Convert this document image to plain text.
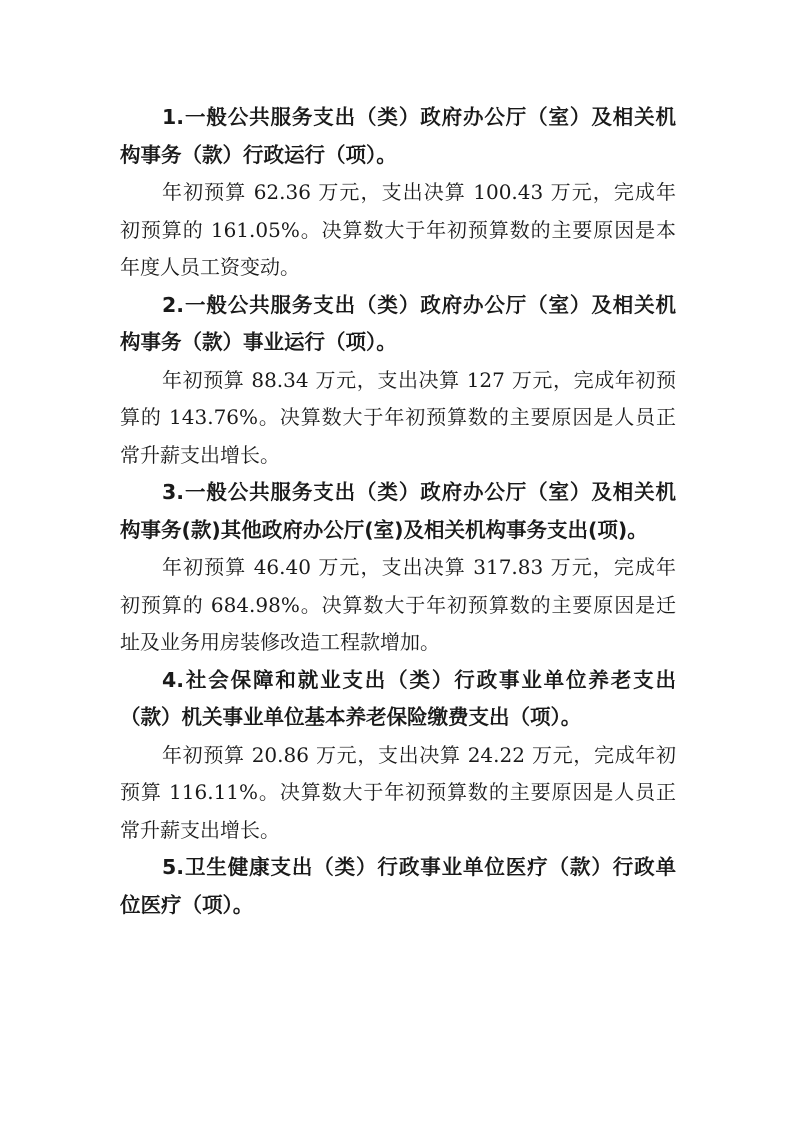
1.一般公共服务支出（类）政府办公厅（室）及相关机
构事务（款）行政运行（项）。
年初预算 62.36 万元，支出决算 100.43 万元，完成年
初预算的 161.05%。决算数大于年初预算数的主要原因是本
年度人员工资变动。
2.一般公共服务支出（类）政府办公厅（室）及相关机
构事务（款）事业运行（项）。
年初预算 88.34 万元，支出决算 127 万元，完成年初预
算的 143.76%。决算数大于年初预算数的主要原因是人员正
常升薪支出增长。
3.一般公共服务支出（类）政府办公厅（室）及相关机
构事务(款)其他政府办公厅(室)及相关机构事务支出(项)。
年初预算 46.40 万元，支出决算 317.83 万元，完成年
初预算的 684.98%。决算数大于年初预算数的主要原因是迁
址及业务用房装修改造工程款增加。
4.社会保障和就业支出（类）行政事业单位养老支出
（款）机关事业单位基本养老保险缴费支出（项）。
年初预算 20.86 万元，支出决算 24.22 万元，完成年初
预算 116.11%。决算数大于年初预算数的主要原因是人员正
常升薪支出增长。
5.卫生健康支出（类）行政事业单位医疗（款）行政单
位医疗（项）。
